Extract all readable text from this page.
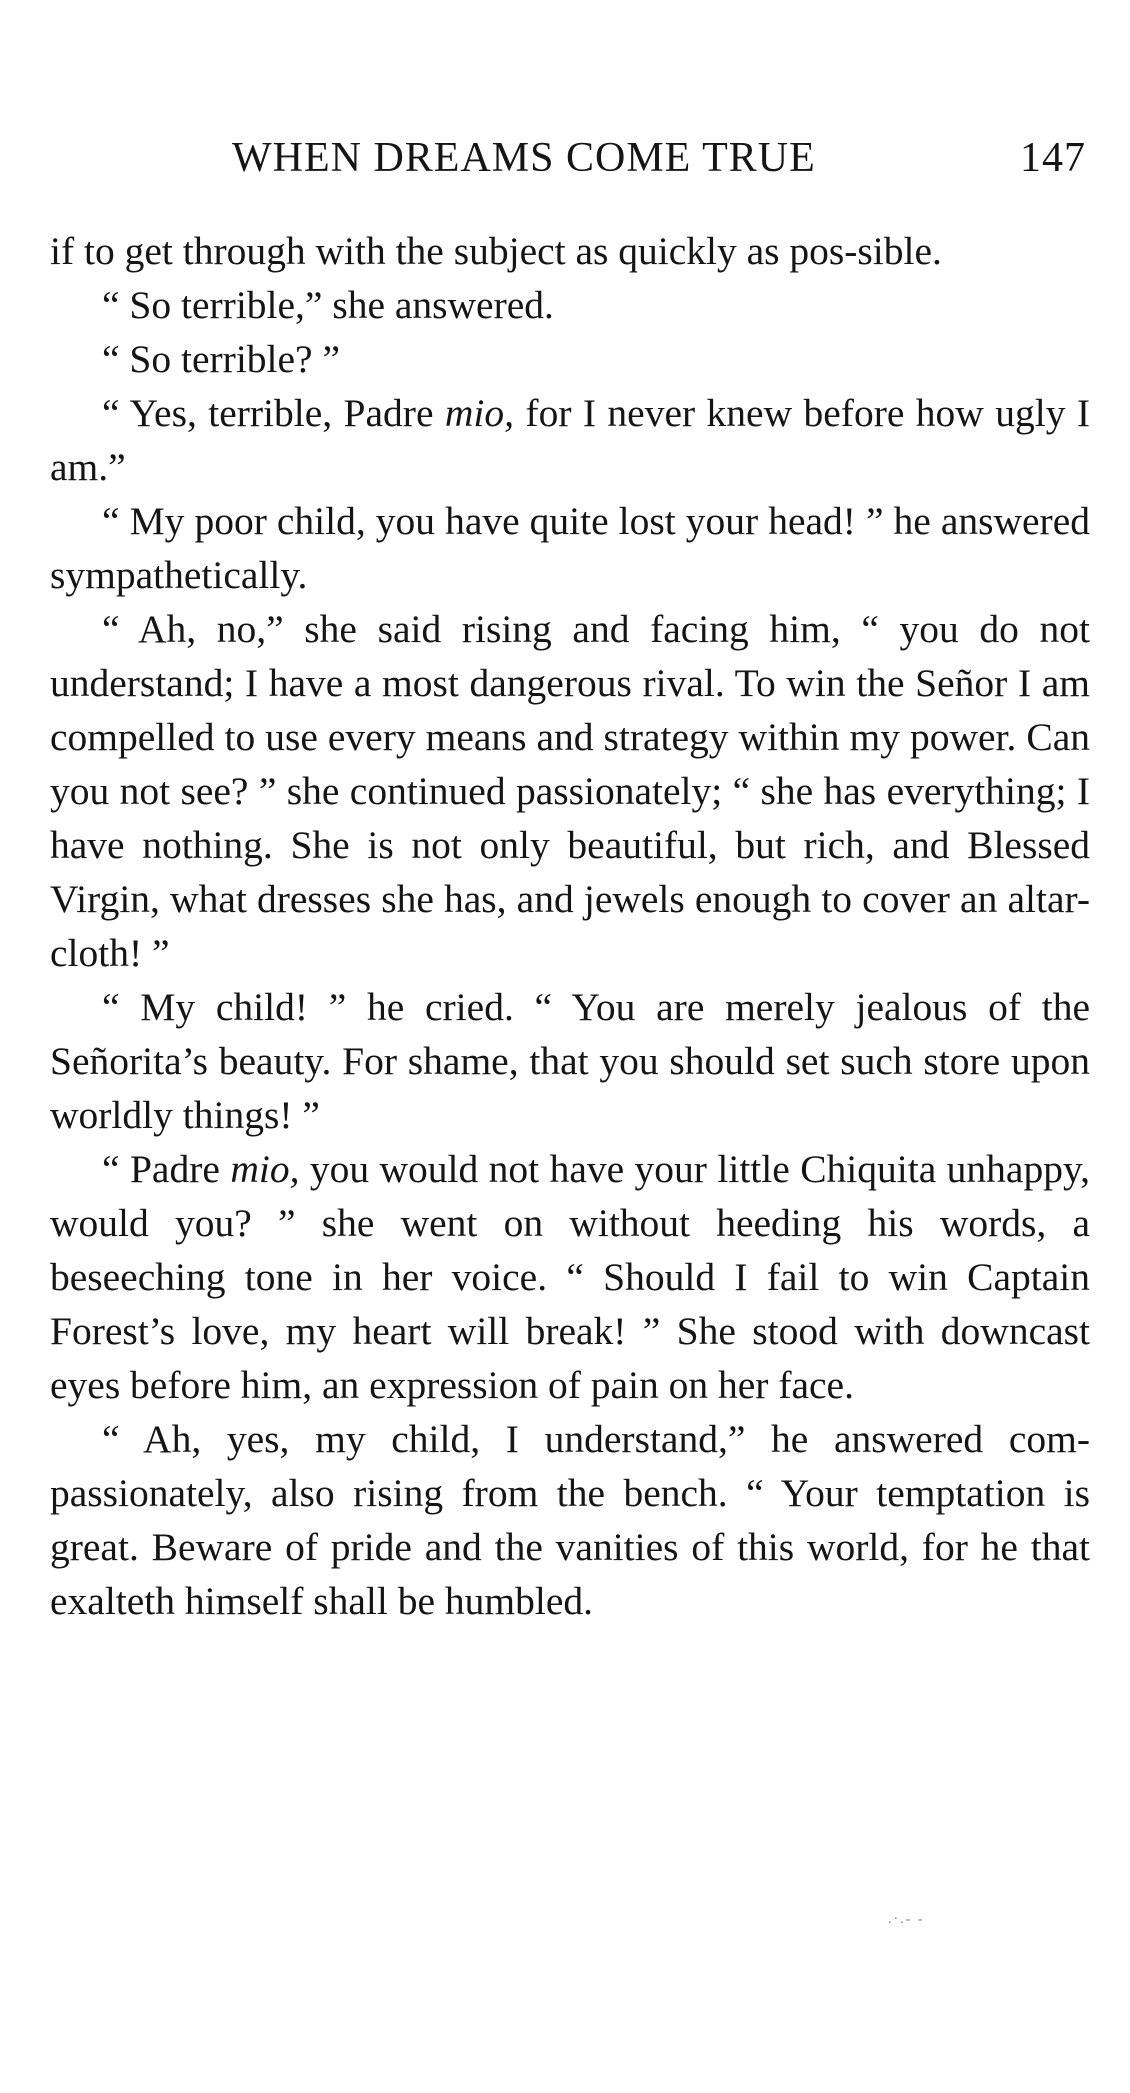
WHEN DREAMS COME TRUE	147

if to get through with the subject as quickly as pos-sible.

“ So terrible,” she answered.

“ So terrible? ”

“ Yes, terrible, Padre mio, for I never knew before how ugly I am.”

“ My poor child, you have quite lost your head! ” he answered sympathetically.

“ Ah, no,” she said rising and facing him, “ you do not understand; I have a most dangerous rival. To win the Señor I am compelled to use every means and strategy within my power. Can you not see? ” she continued passionately; “ she has everything; I have nothing. She is not only beautiful, but rich, and Blessed Virgin, what dresses she has, and jewels enough to cover an altar-cloth! ”

“ My child! ” he cried. “ You are merely jealous of the Señorita’s beauty. For shame, that you should set such store upon worldly things! ”

“ Padre mio, you would not have your little Chiquita unhappy, would you? ” she went on without heeding his words, a beseeching tone in her voice. “ Should I fail to win Captain Forest’s love, my heart will break! ” She stood with downcast eyes before him, an expression of pain on her face.

“ Ah, yes, my child, I understand,” he answered com-passionately, also rising from the bench. “ Your temptation is great. Beware of pride and the vanities of this world, for he that exalteth himself shall be humbled.

.·.- -
